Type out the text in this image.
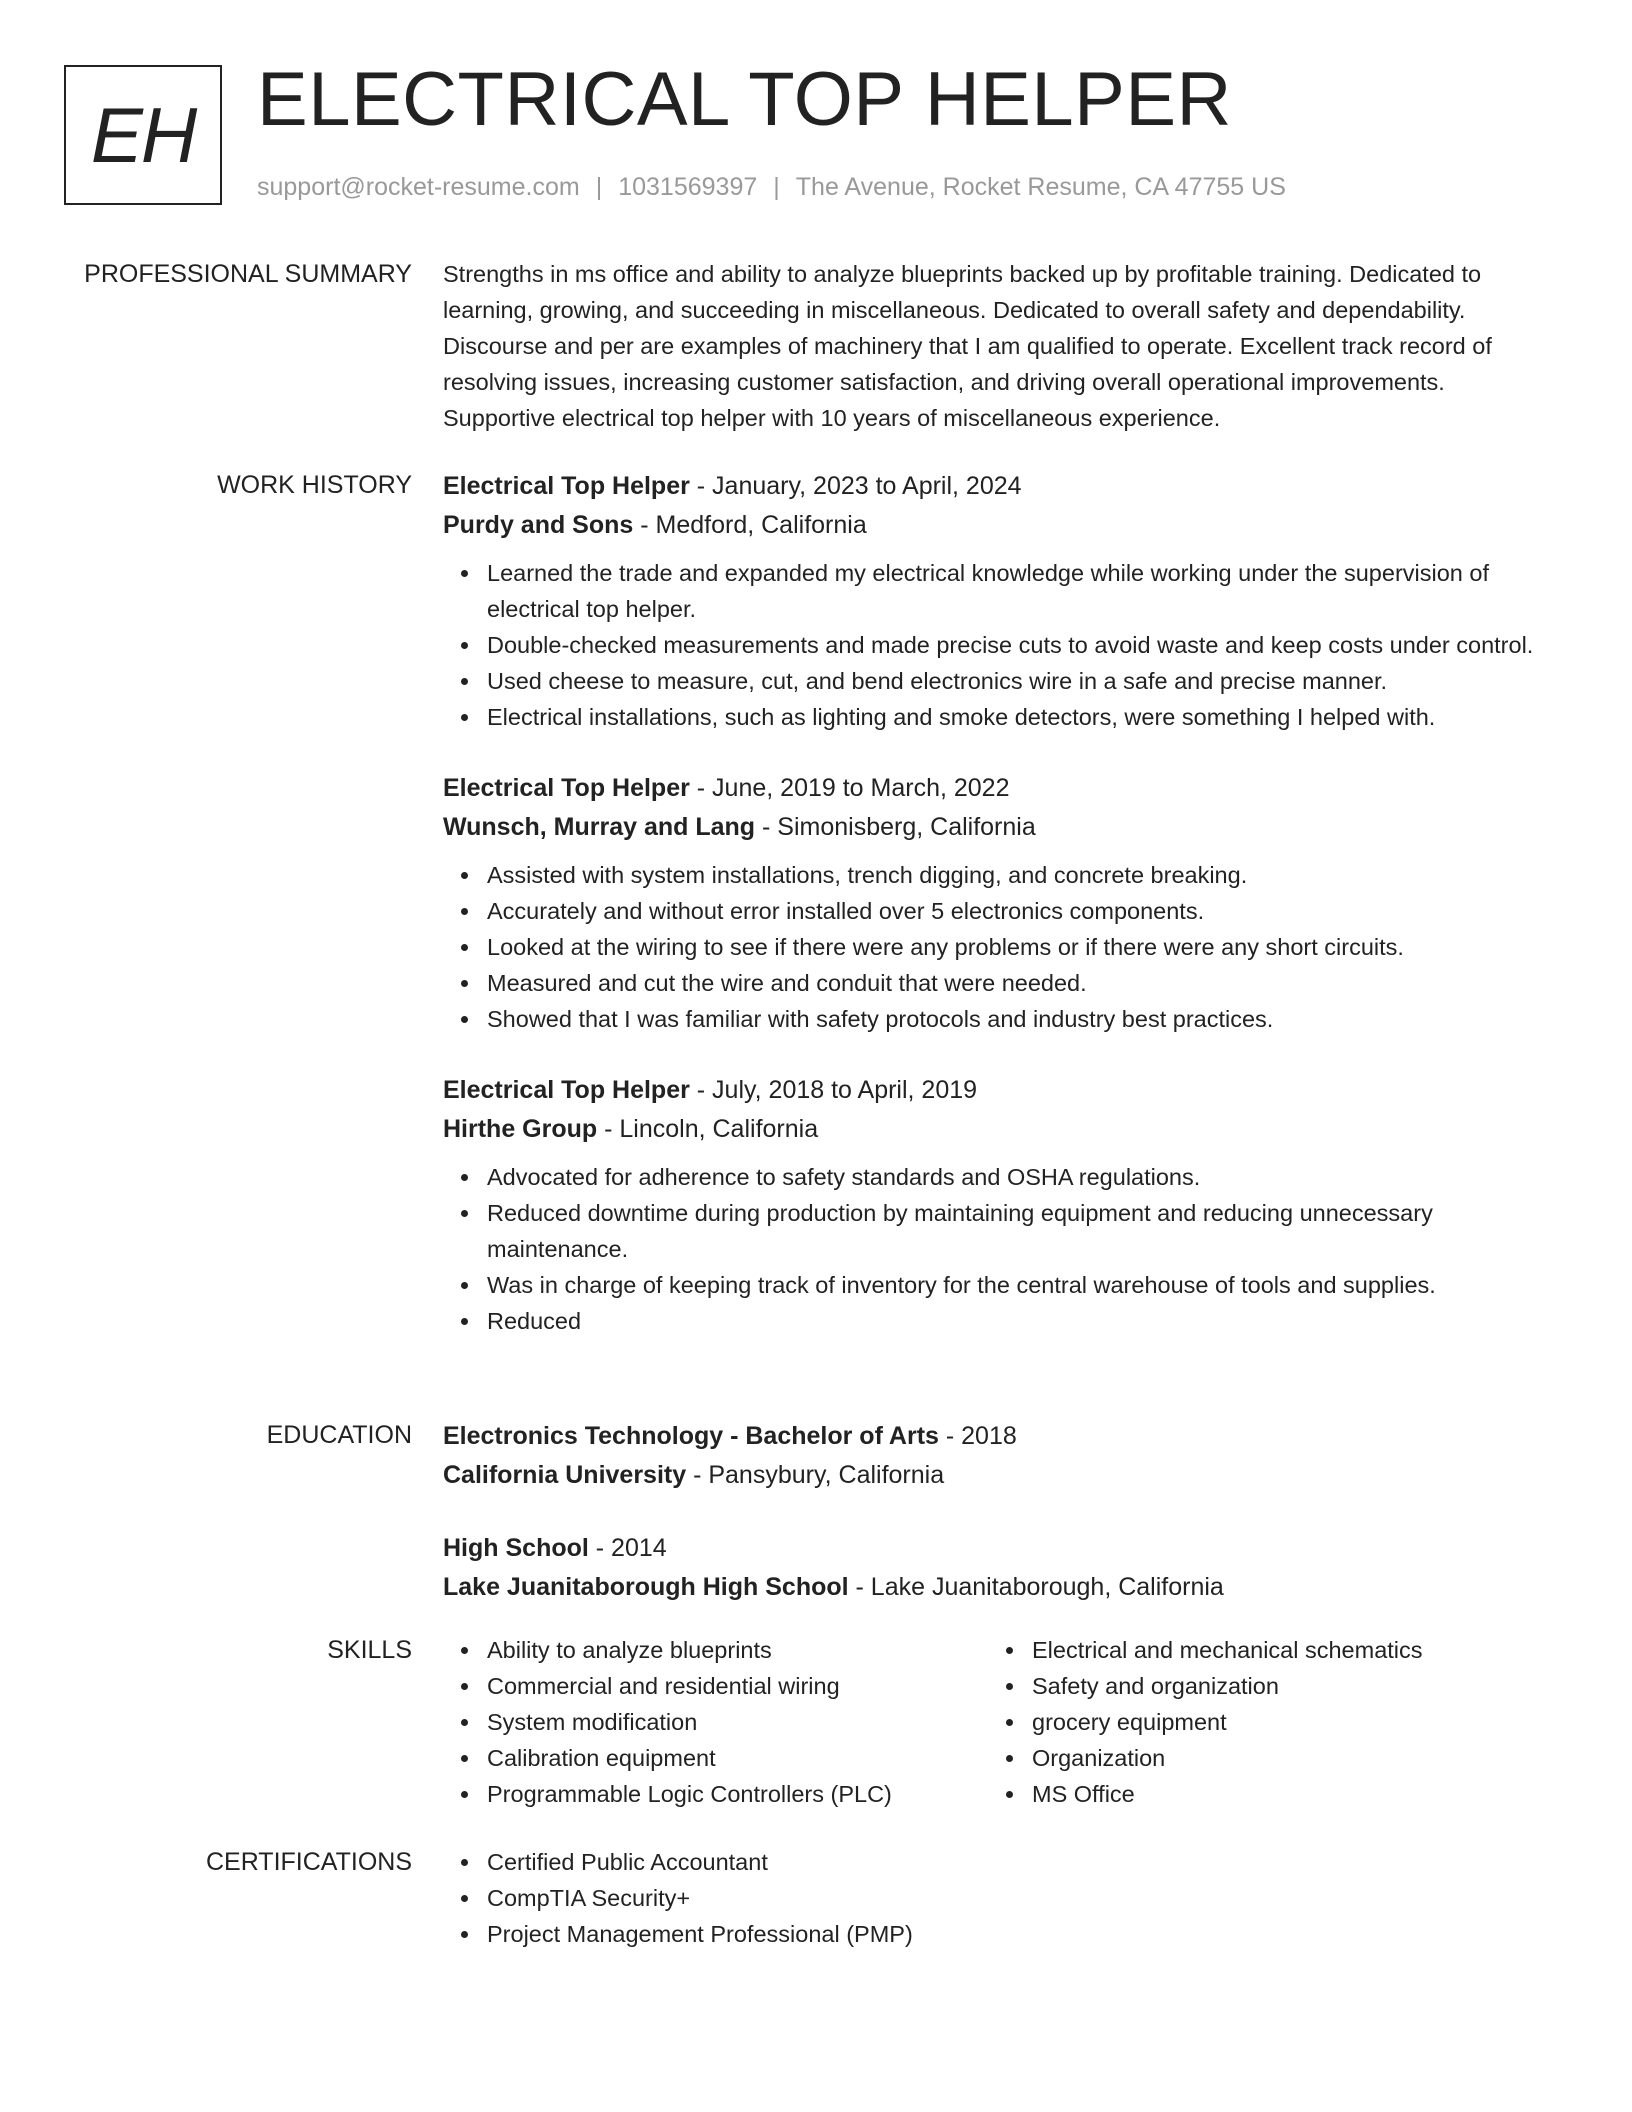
EH ELECTRICAL TOP HELPER
support@rocket-resume.com | 1031569397 | The Avenue, Rocket Resume, CA 47755 US
PROFESSIONAL SUMMARY Strengths in ms office and ability to analyze blueprints backed up by profitable training. Dedicated to learning, growing, and succeeding in miscellaneous. Dedicated to overall safety and dependability. Discourse and per are examples of machinery that I am qualified to operate. Excellent track record of resolving issues, increasing customer satisfaction, and driving overall operational improvements. Supportive electrical top helper with 10 years of miscellaneous experience.

WORK HISTORY Electrical Top Helper - January, 2023 to April, 2024

Purdy and Sons - Medford, California

Learned the trade and expanded my electrical knowledge while working under the supervision of electrical top helper.
Double-checked measurements and made precise cuts to avoid waste and keep costs under control.
Used cheese to measure, cut, and bend electronics wire in a safe and precise manner.
Electrical installations, such as lighting and smoke detectors, were something I helped with.

Electrical Top Helper - June, 2019 to March, 2022

Wunsch, Murray and Lang - Simonisberg, California

Assisted with system installations, trench digging, and concrete breaking.
Accurately and without error installed over 5 electronics components.
Looked at the wiring to see if there were any problems or if there were any short circuits.
Measured and cut the wire and conduit that were needed.
Showed that I was familiar with safety protocols and industry best practices.

Electrical Top Helper - July, 2018 to April, 2019

Hirthe Group - Lincoln, California

Advocated for adherence to safety standards and OSHA regulations.
Reduced downtime during production by maintaining equipment and reducing unnecessary maintenance.
Was in charge of keeping track of inventory for the central warehouse of tools and supplies.
Reduced
EDUCATION Electronics Technology - Bachelor of Arts - 2018

California University - Pansybury, California

High School - 2014

Lake Juanitaborough High School - Lake Juanitaborough, California

SKILLS	Ability to analyze blueprints
Commercial and residential wiring
System modification
Calibration equipment
Programmable Logic Controllers (PLC)
Electrical and mechanical schematics
Safety and organization
grocery equipment
Organization
MS Office
CERTIFICATIONS	Certified Public Accountant
CompTIA Security+
Project Management Professional (PMP)
